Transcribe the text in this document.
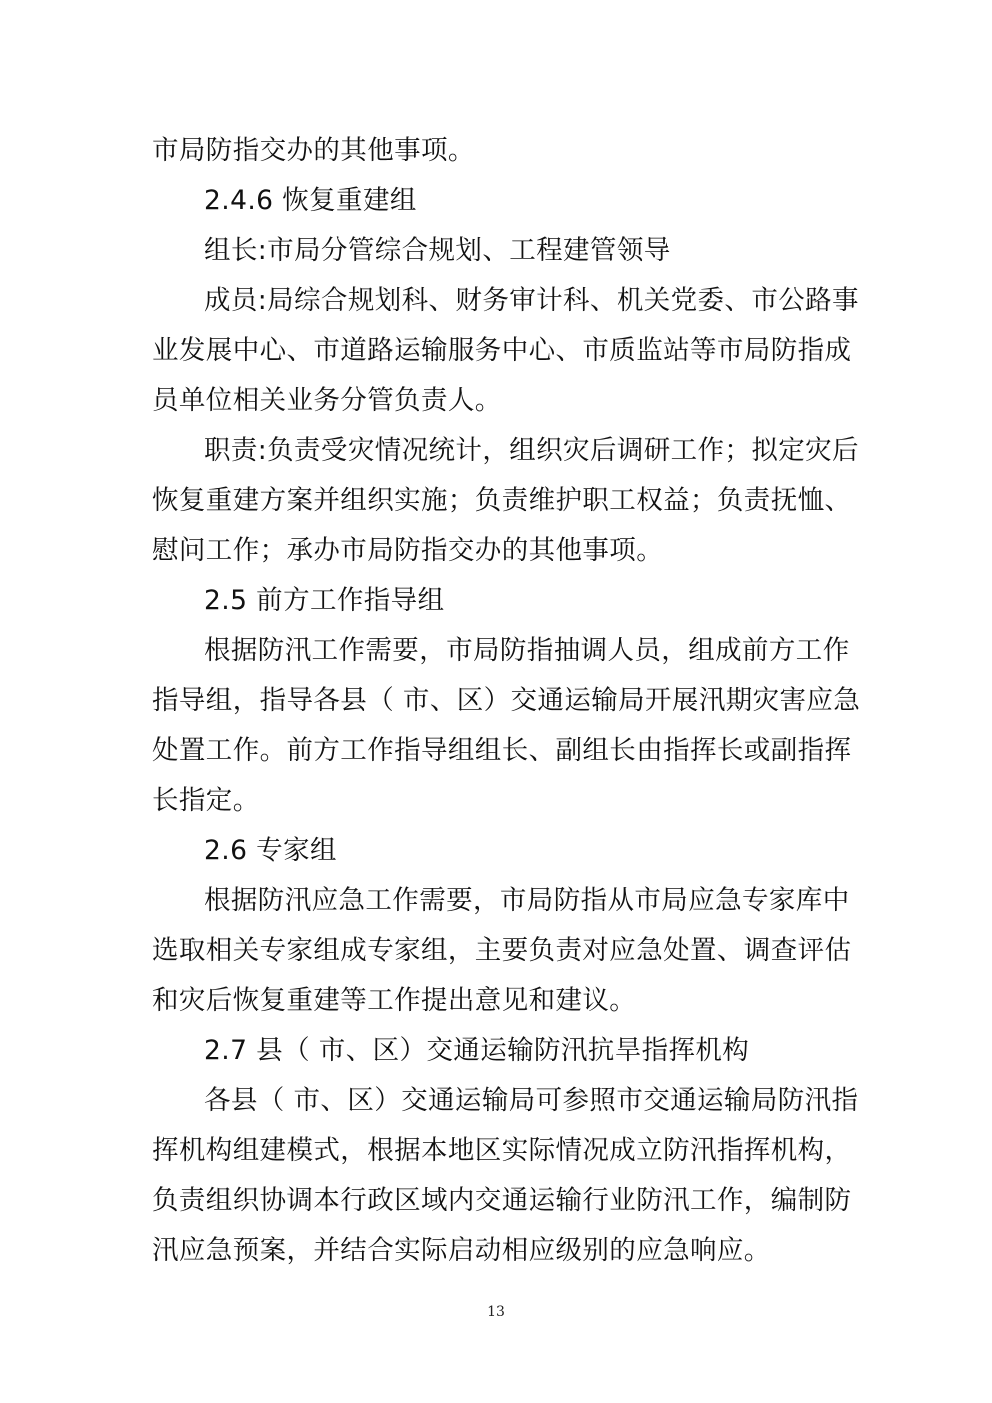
市局防指交办的其他事项。
2.4.6 恢复重建组
组长:市局分管综合规划、工程建管领导
成员:局综合规划科、财务审计科、机关党委、市公路事
业发展中心、市道路运输服务中心、市质监站等市局防指成
员单位相关业务分管负责人。
职责:负责受灾情况统计，组织灾后调研工作；拟定灾后
恢复重建方案并组织实施；负责维护职工权益；负责抚恤、
慰问工作；承办市局防指交办的其他事项。
2.5 前方工作指导组
根据防汛工作需要，市局防指抽调人员，组成前方工作
指导组，指导各县（ 市、区）交通运输局开展汛期灾害应急
处置工作。前方工作指导组组长、副组长由指挥长或副指挥
长指定。
2.6 专家组
根据防汛应急工作需要，市局防指从市局应急专家库中
选取相关专家组成专家组，主要负责对应急处置、调查评估
和灾后恢复重建等工作提出意见和建议。
2.7 县（ 市、区）交通运输防汛抗旱指挥机构
各县（ 市、区）交通运输局可参照市交通运输局防汛指
挥机构组建模式，根据本地区实际情况成立防汛指挥机构，
负责组织协调本行政区域内交通运输行业防汛工作，编制防
汛应急预案，并结合实际启动相应级别的应急响应。
13
